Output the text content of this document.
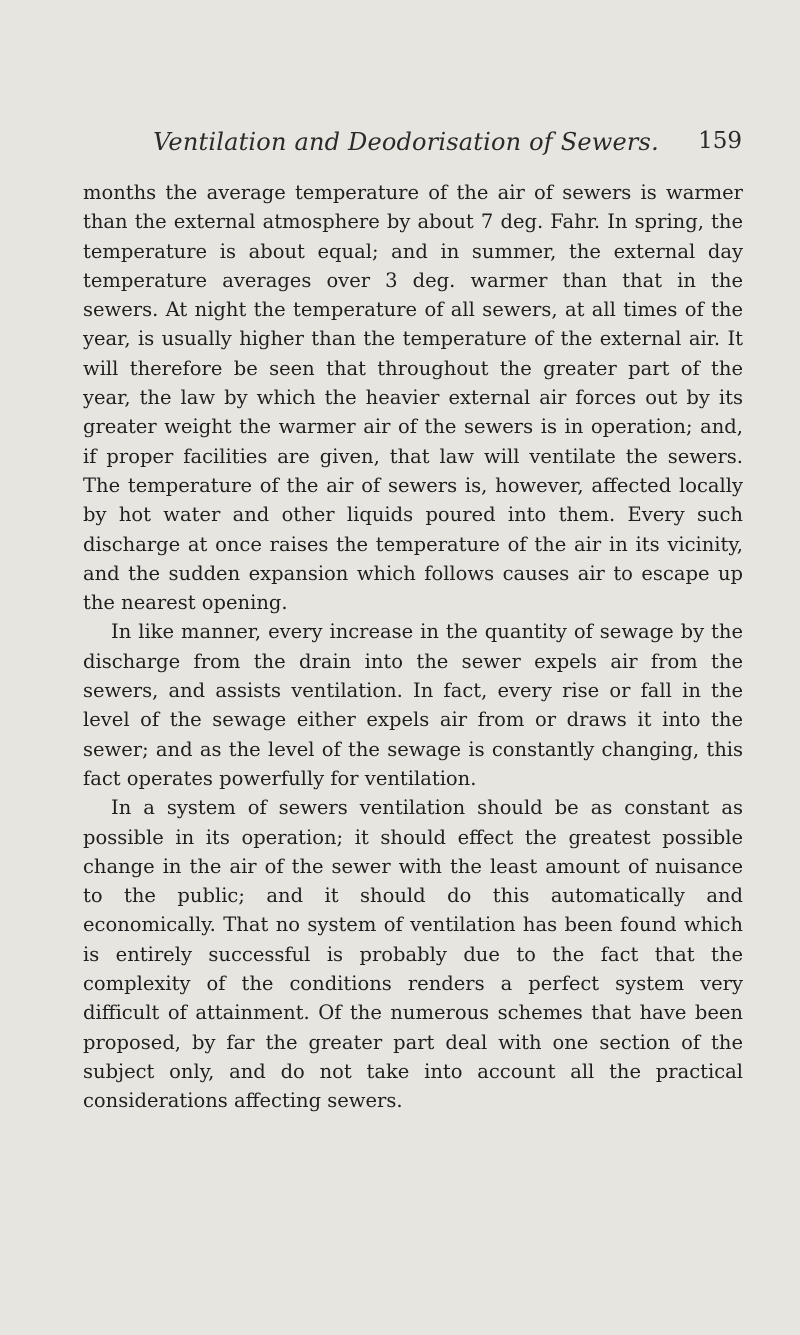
Ventilation and Deodorisation of Sewers.	159

months the average temperature of the air of sewers is warmer than the external atmosphere by about 7 deg. Fahr. In spring, the temperature is about equal; and in summer, the external day temperature averages over 3 deg. warmer than that in the sewers. At night the temperature of all sewers, at all times of the year, is usually higher than the temperature of the external air. It will therefore be seen that throughout the greater part of the year, the law by which the heavier external air forces out by its greater weight the warmer air of the sewers is in operation; and, if proper facilities are given, that law will ventilate the sewers. The temperature of the air of sewers is, however, affected locally by hot water and other liquids poured into them. Every such discharge at once raises the temperature of the air in its vicinity, and the sudden expansion which follows causes air to escape up the nearest opening.

In like manner, every increase in the quantity of sewage by the discharge from the drain into the sewer expels air from the sewers, and assists ventilation. In fact, every rise or fall in the level of the sewage either expels air from or draws it into the sewer; and as the level of the sewage is constantly changing, this fact operates powerfully for ventilation.

In a system of sewers ventilation should be as constant as possible in its operation; it should effect the greatest possible change in the air of the sewer with the least amount of nuisance to the public; and it should do this automatically and economically. That no system of ventilation has been found which is entirely successful is probably due to the fact that the complexity of the conditions renders a perfect system very difficult of attainment. Of the numerous schemes that have been proposed, by far the greater part deal with one section of the subject only, and do not take into account all the practical considerations affecting sewers.
